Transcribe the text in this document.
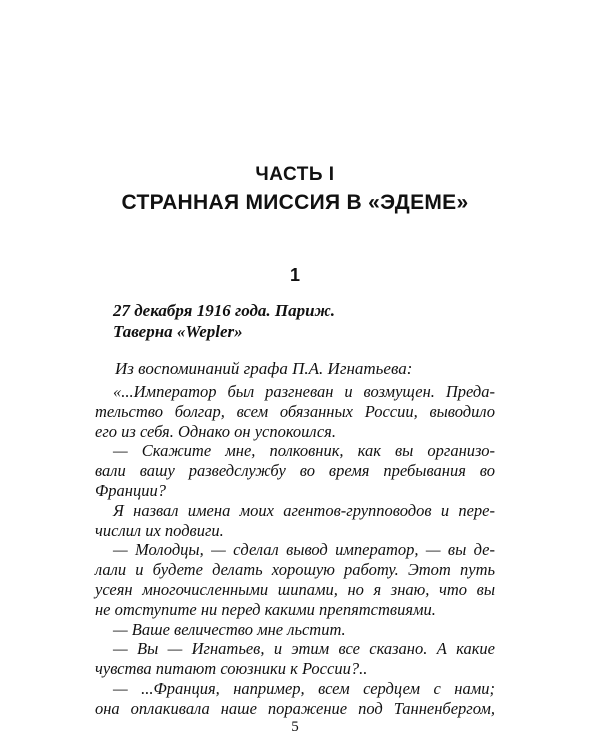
ЧАСТЬ I
СТРАННАЯ МИССИЯ В «ЭДЕМЕ»
1
27 декабря 1916 года. Париж.
Таверна «Wepler»
Из воспоминаний графа П.А. Игнатьева:
«...Император был разгневан и возмущен. Преда-
тельство болгар, всем обязанных России, выводило
его из себя. Однако он успокоился.
— Скажите мне, полковник, как вы организо-
вали вашу разведслужбу во время пребывания во
Франции?
Я назвал имена моих агентов-групповодов и пере-
числил их подвиги.
— Молодцы, — сделал вывод император, — вы де-
лали и будете делать хорошую работу. Этот путь
усеян многочисленными шипами, но я знаю, что вы
не отступите ни перед какими препятствиями.
— Ваше величество мне льстит.
— Вы — Игнатьев, и этим все сказано. А какие
чувства питают союзники к России?..
— ...Франция, например, всем сердцем с нами;
она оплакивала наше поражение под Танненбергом,
5
